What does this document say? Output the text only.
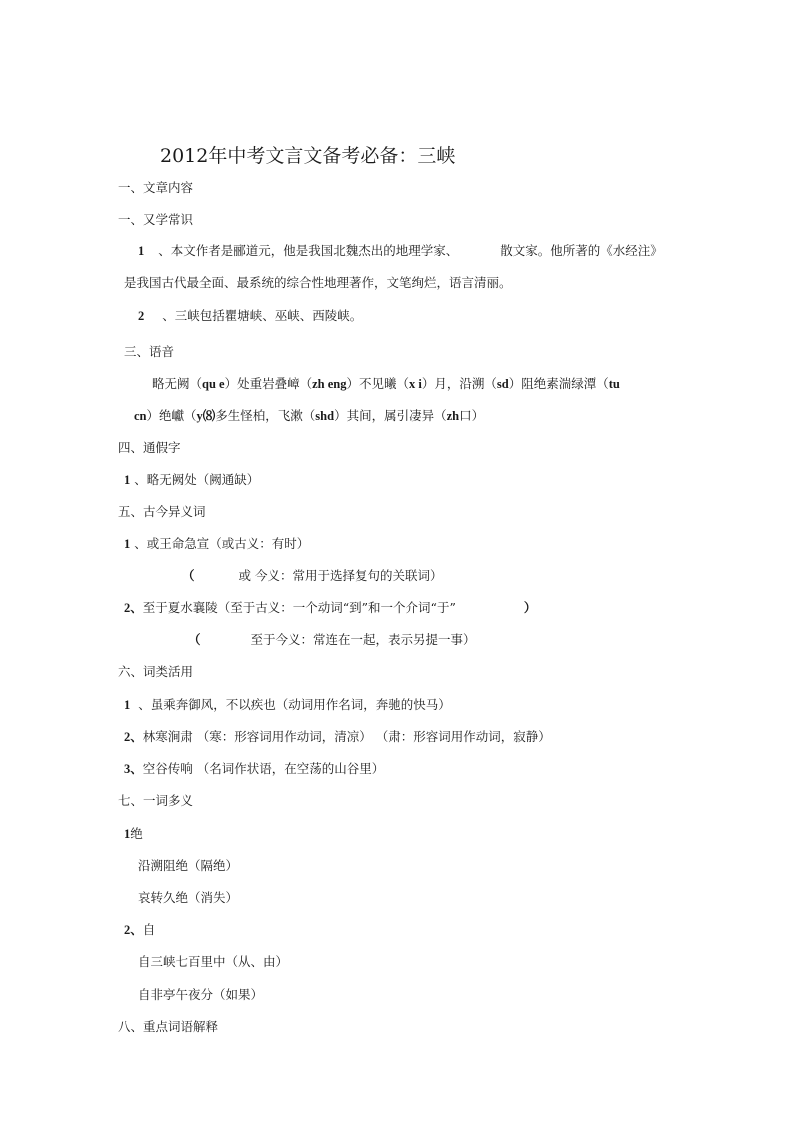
2012年中考文言文备考必备：三峡
一、文章内容
一、又学常识
1 、本文作者是郦道元，他是我国北魏杰出的地理学家、	散文家。他所著的《水经注》
是我国古代最全面、最系统的综合性地理著作，文笔绚烂，语言清丽。
2 、三峡包括瞿塘峡、巫峡、西陵峡。
三、语音
略无阙（qu e）处重岩叠嶂（zh eng）不见曦（x i）月，沿溯（sd）阻绝素湍绿潭（tu
cn）绝巘（y⑻多生怪柏，飞漱（shd）其间，属引凄异（zh口）
四、通假字
1 、略无阙处（阙通缺）
五、古今异义词
1 、或王命急宣（或古义：有时）
（	或 今义：常用于选择复句的关联词）
2、至于夏水襄陵（至于古义：一个动词“到”和一个介词“于”	）
（	至于今义：常连在一起，表示另提一事）
六、词类活用
1 、虽乘奔御风，不以疾也（动词用作名词，奔驰的快马）
2、林寒涧肃 （寒：形容词用作动词，清凉） （肃：形容词用作动词，寂静）
3、空谷传响 （名词作状语，在空荡的山谷里）
七、一词多义
1绝
沿溯阻绝（隔绝）
哀转久绝（消失）
2、自
自三峡七百里中（从、由）
自非亭午夜分（如果）
八、重点词语解释
